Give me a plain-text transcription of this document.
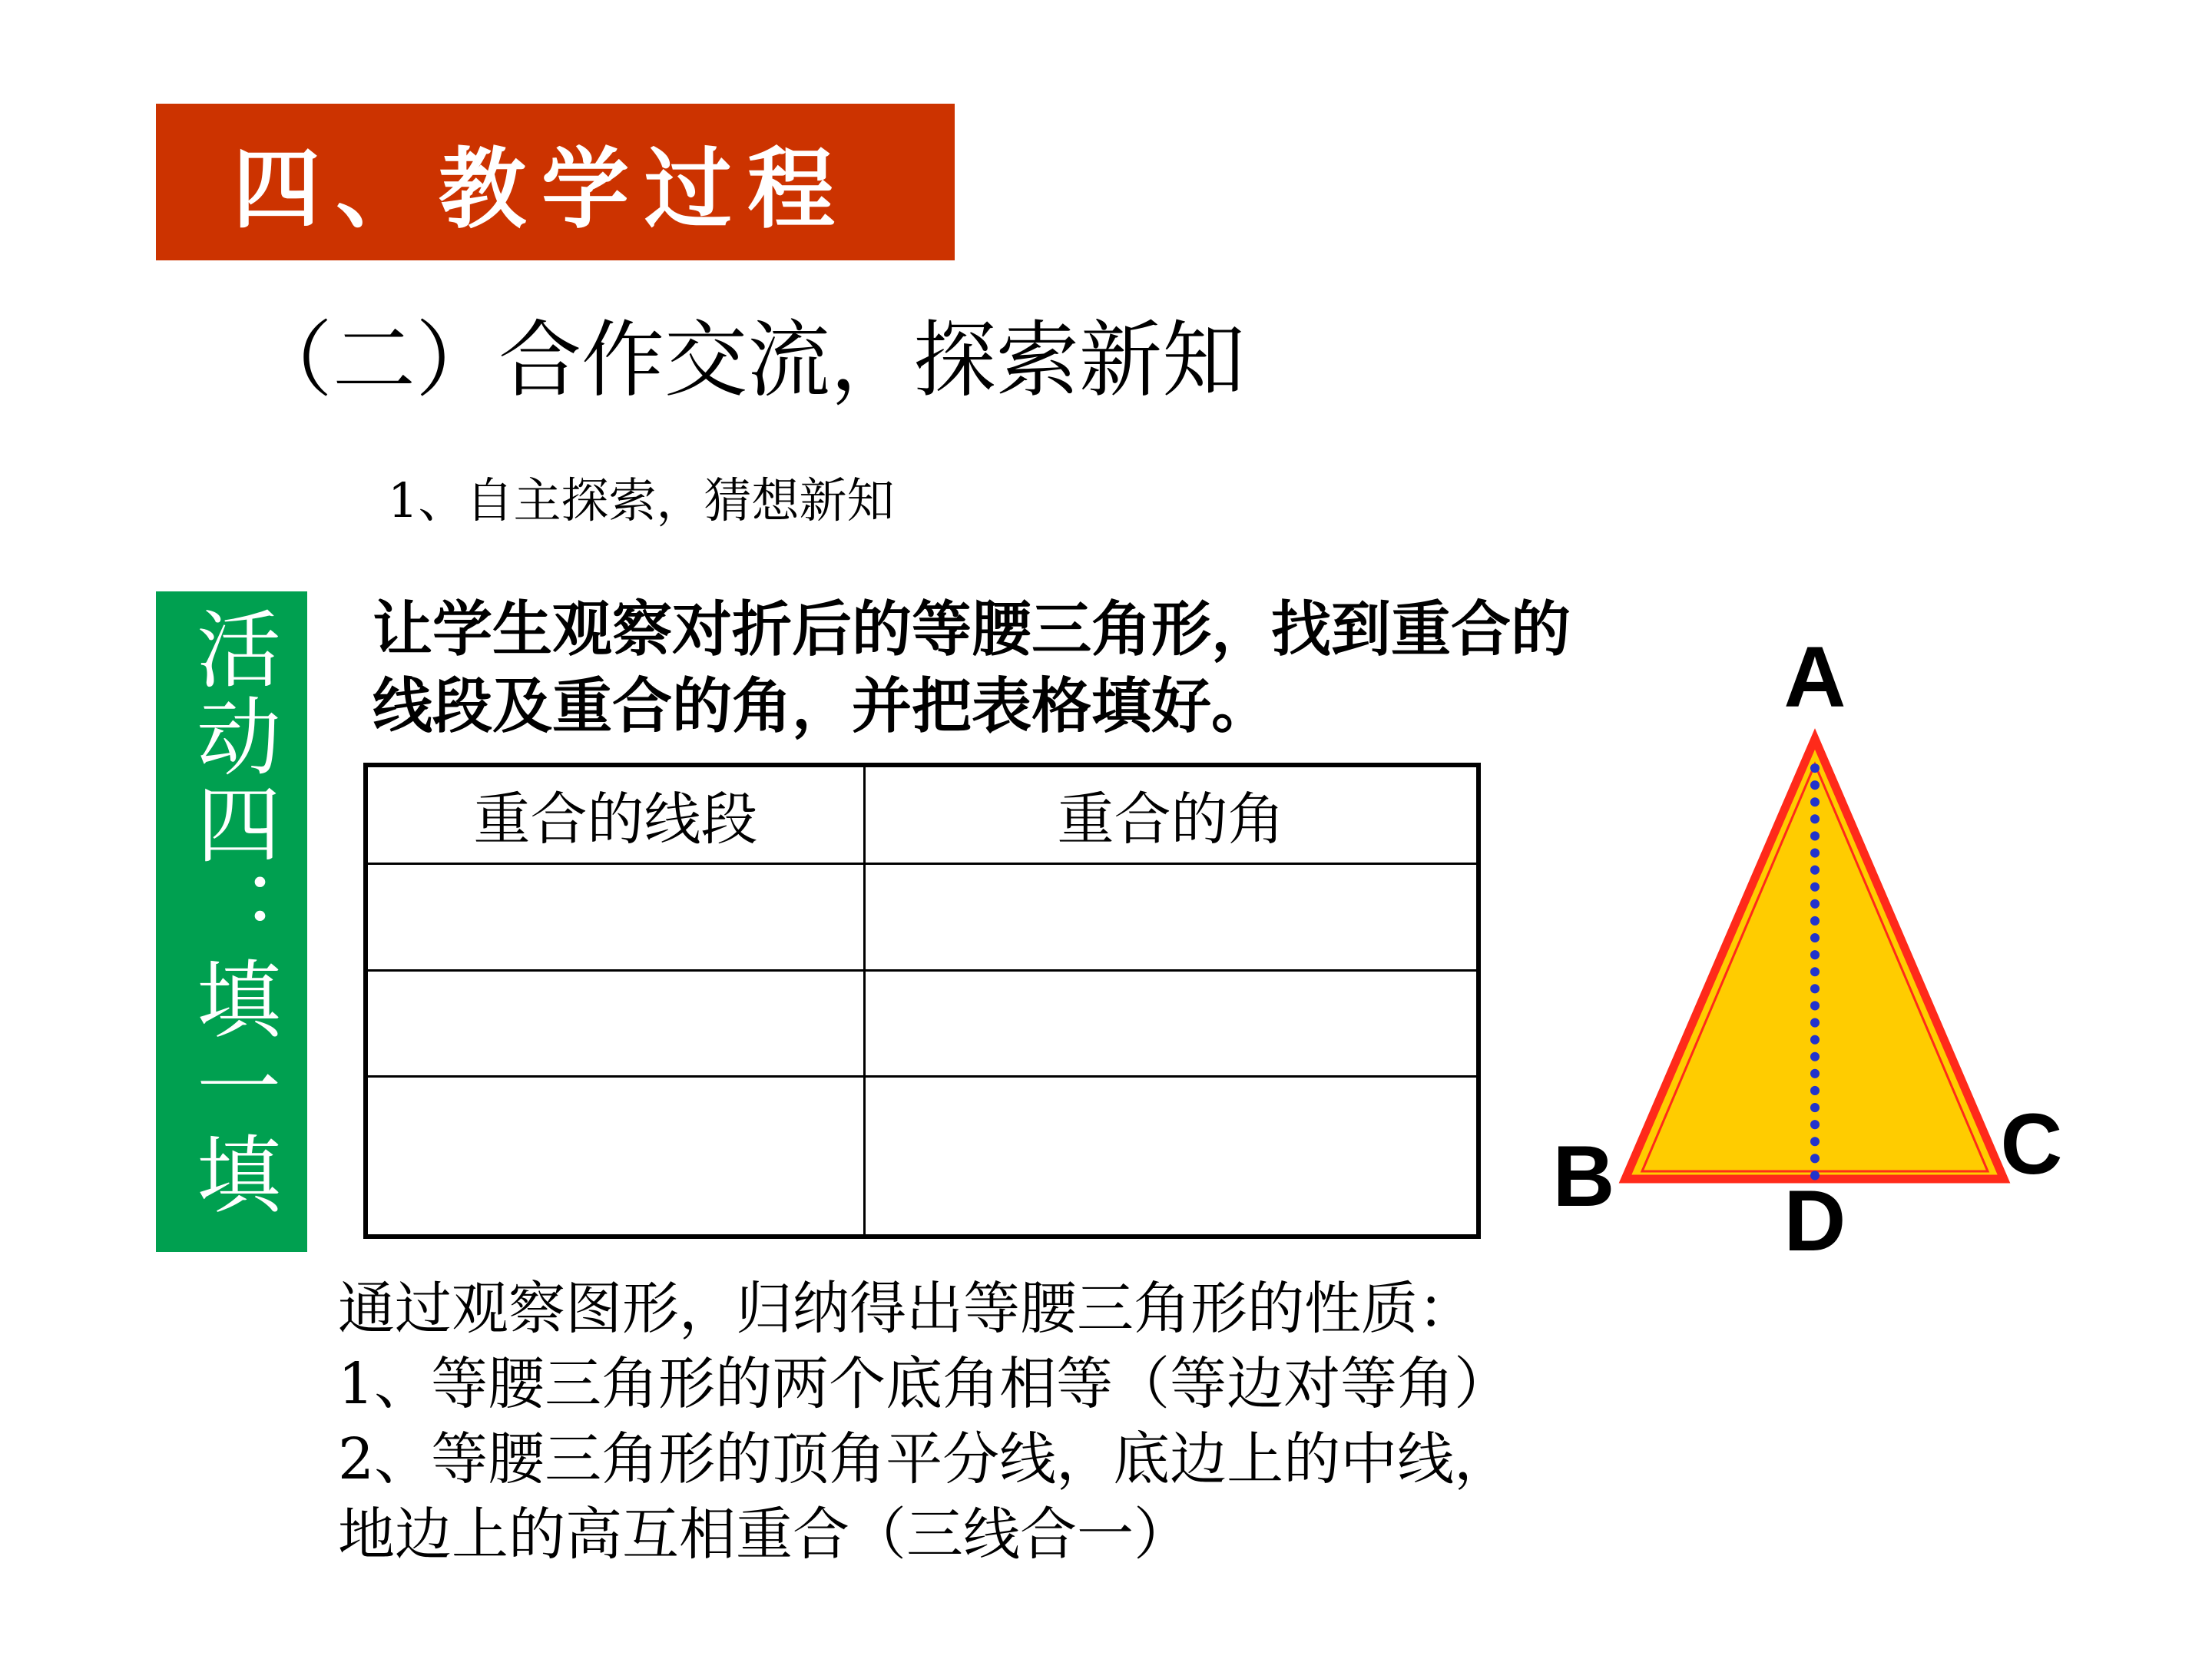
四、教学过程
（二）合作交流，探索新知
1、自主探索，猜想新知
活动四：填一填	让学生观察对折后的等腰三角形，找到重合的线段及重合的角，并把表格填好。
重合的线段	重合的角

通过观察图形，归纳得出等腰三角形的性质：
1、等腰三角形的两个底角相等（等边对等角）
2、等腰三角形的顶角平分线，底边上的中线，
地边上的高互相重合（三线合一）
A
B	C
D
